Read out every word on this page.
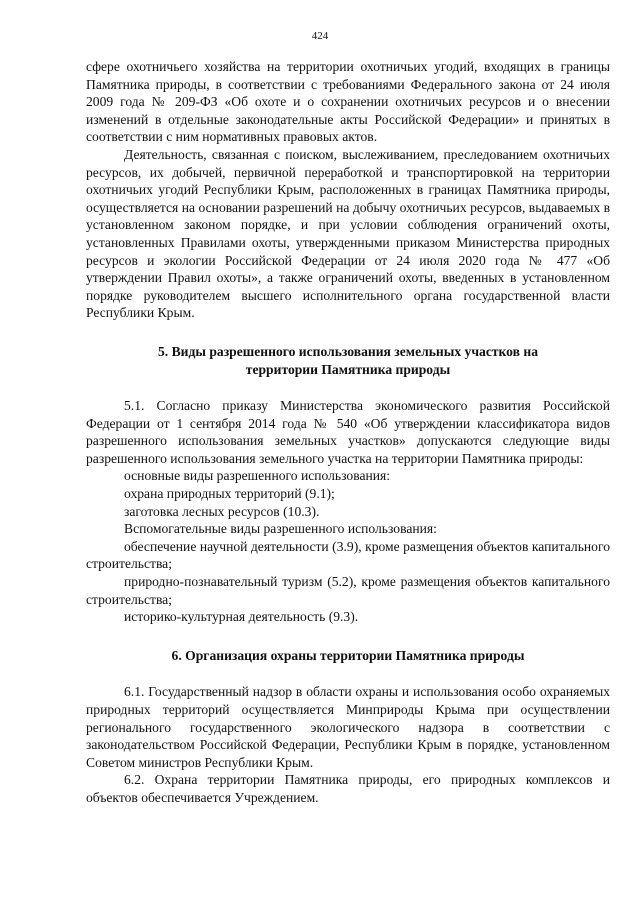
424

сфере охотничьего хозяйства на территории охотничьих угодий, входящих в границы Памятника природы, в соответствии с требованиями Федерального закона от 24 июля 2009 года № 209-ФЗ «Об охоте и о сохранении охотничьих ресурсов и о внесении изменений в отдельные законодательные акты Российской Федерации» и принятых в соответствии с ним нормативных правовых актов.

Деятельность, связанная с поиском, выслеживанием, преследованием охотничьих ресурсов, их добычей, первичной переработкой и транспортировкой на территории охотничьих угодий Республики Крым, расположенных в границах Памятника природы, осуществляется на основании разрешений на добычу охотничьих ресурсов, выдаваемых в установленном законом порядке, и при условии соблюдения ограничений охоты, установленных Правилами охоты, утвержденными приказом Министерства природных ресурсов и экологии Российской Федерации от 24 июля 2020 года № 477 «Об утверждении Правил охоты», а также ограничений охоты, введенных в установленном порядке руководителем высшего исполнительного органа государственной власти Республики Крым.

5. Виды разрешенного использования земельных участков на
территории Памятника природы

5.1. Согласно приказу Министерства экономического развития Российской Федерации от 1 сентября 2014 года № 540 «Об утверждении классификатора видов разрешенного использования земельных участков» допускаются следующие виды разрешенного использования земельного участка на территории Памятника природы:

основные виды разрешенного использования:

охрана природных территорий (9.1);

заготовка лесных ресурсов (10.3).

Вспомогательные виды разрешенного использования:

обеспечение научной деятельности (3.9), кроме размещения объектов капитального строительства;

природно-познавательный туризм (5.2), кроме размещения объектов капитального строительства;

историко-культурная деятельность (9.3).

6. Организация охраны территории Памятника природы

6.1. Государственный надзор в области охраны и использования особо охраняемых природных территорий осуществляется Минприроды Крыма при осуществлении регионального государственного экологического надзора в соответствии с законодательством Российской Федерации, Республики Крым в порядке, установленном Советом министров Республики Крым.

6.2. Охрана территории Памятника природы, его природных комплексов и объектов обеспечивается Учреждением.
